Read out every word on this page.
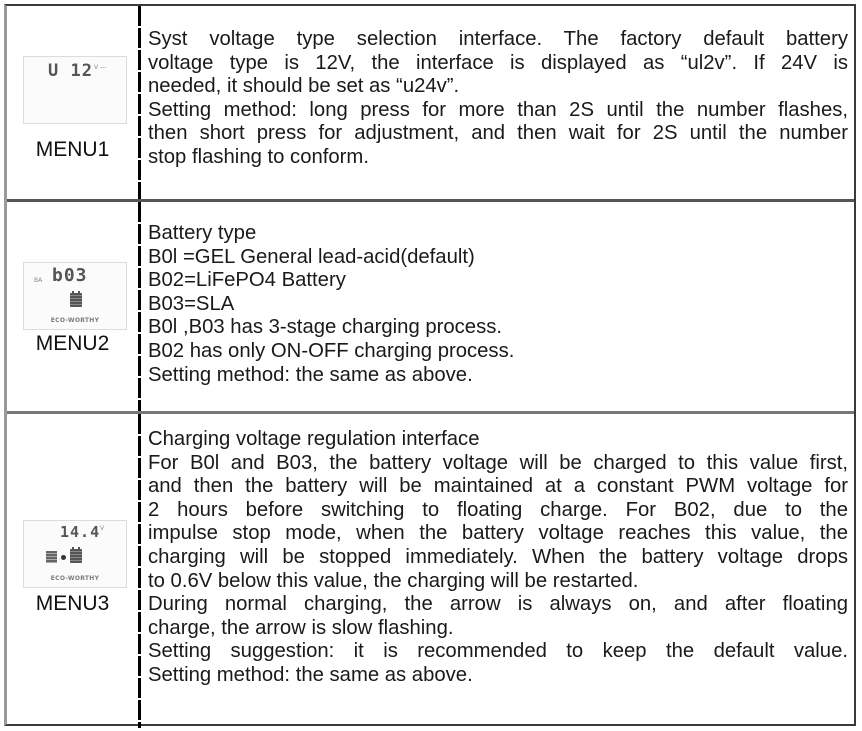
U 12 V ---
MENU1
Syst voltage type selection interface. The factory default battery
voltage type is 12V, the interface is displayed as “ul2v”. If 24V is
needed, it should be set as “u24v”.
Setting method: long press for more than 2S until the number flashes,
then short press for adjustment, and then wait for 2S until the number
stop flashing to conform.
BA b03
ECO-WORTHY
MENU2
Battery type
B0l =GEL General lead-acid(default)
B02=LiFePO4 Battery
B03=SLA
B0l ,B03 has 3-stage charging process.
B02 has only ON-OFF charging process.
Setting method: the same as above.
14.4 V
ECO-WORTHY
MENU3
Charging voltage regulation interface
For B0l and B03, the battery voltage will be charged to this value first,
and then the battery will be maintained at a constant PWM voltage for
2 hours before switching to floating charge. For B02, due to the
impulse stop mode, when the battery voltage reaches this value, the
charging will be stopped immediately. When the battery voltage drops
to 0.6V below this value, the charging will be restarted.
During normal charging, the arrow is always on, and after floating
charge, the arrow is slow flashing.
Setting suggestion: it is recommended to keep the default value.
Setting method: the same as above.
